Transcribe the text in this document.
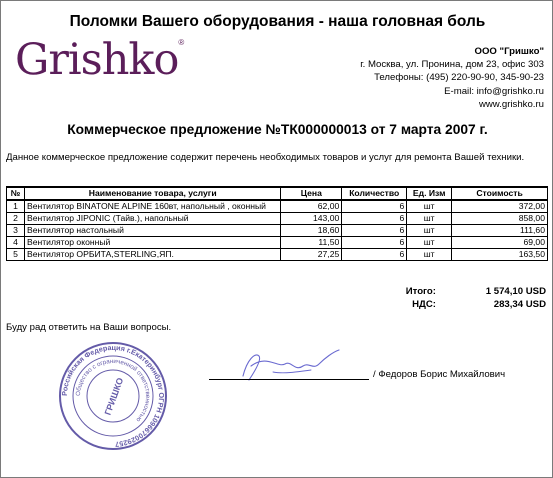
Поломки Вашего оборудования - наша головная боль
Grishko®
ООО "Гришко"
г. Москва, ул. Пронина, дом 23, офис 303
Телефоны: (495) 220-90-90, 345-90-23
E-mail: info@grishko.ru
www.grishko.ru
Коммерческое предложение №ТК000000013 от 7 марта 2007 г.
Данное коммерческое предложение содержит перечень необходимых товаров и услуг для ремонта Вашей техники.
№	Наименование товара, услуги	Цена	Количество	Ед. Изм	Стоимость
1	Вентилятор BINATONE ALPINE 160вт, напольный , оконный	62,00	6	шт	372,00
2	Вентилятор JIPONIC (Тайв.), напольный	143,00	6	шт	858,00
3	Вентилятор настольный	18,60	6	шт	111,60
4	Вентилятор оконный	11,50	6	шт	69,00
5	Вентилятор ОРБИТА,STERLING,ЯП.	27,25	6	шт	163,50
Итого:	1 574,10 USD
НДС:	283,34 USD
Буду рад ответить на Ваши вопросы.
Российская Федерация г.Екатеринбург ОГРН 1096670029257
Общество с ограниченной ответственностью
ГРИШКО
/ Федоров Борис Михайлович
